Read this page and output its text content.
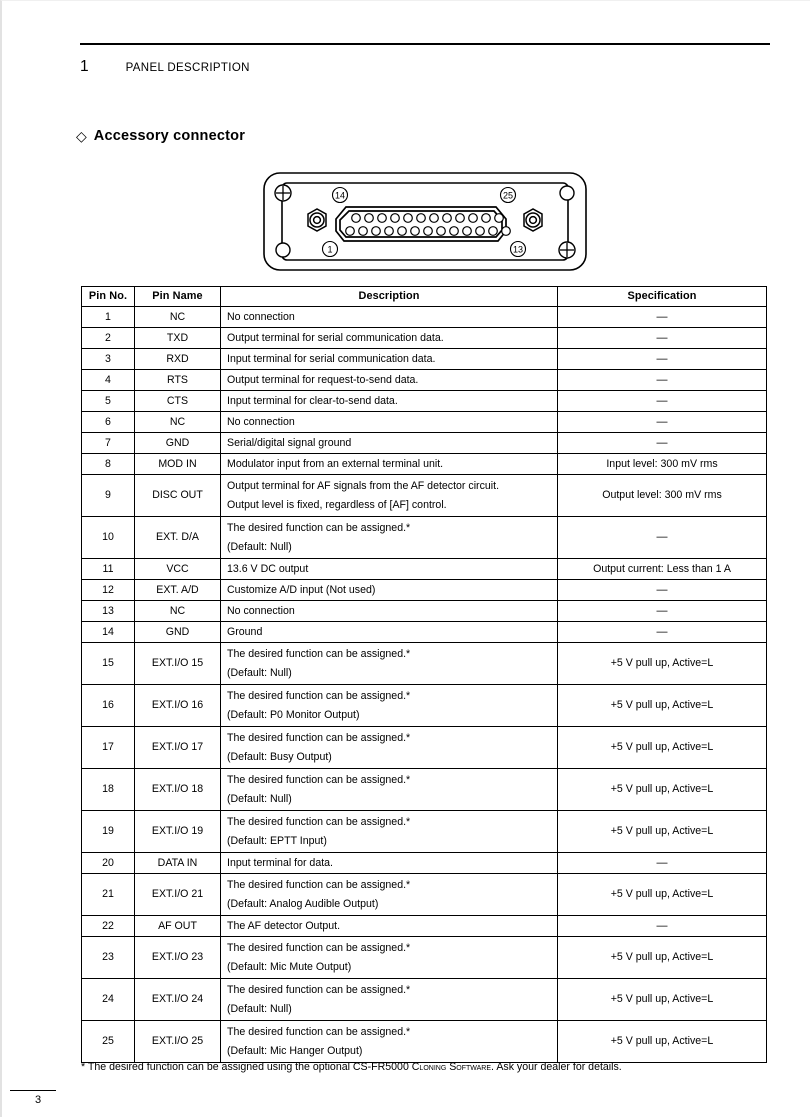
1	PANEL DESCRIPTION
◇ Accessory connector
14	25
1	13
Pin No.	Pin Name	Description	Specification
1	NC	No connection	—
2	TXD	Output terminal for serial communication data.	—
3	RXD	Input terminal for serial communication data.	—
4	RTS	Output terminal for request-to-send data.	—
5	CTS	Input terminal for clear-to-send data.	—
6	NC	No connection	—
7	GND	Serial/digital signal ground	—
8	MOD IN	Modulator input from an external terminal unit.	Input level: 300 mV rms
9	DISC OUT	Output terminal for AF signals from the AF detector circuit.
Output level is fixed, regardless of [AF] control.	Output level: 300 mV rms
10	EXT. D/A	The desired function can be assigned.*
(Default: Null)	—
11	VCC	13.6 V DC output	Output current: Less than 1 A
12	EXT. A/D	Customize A/D input (Not used)	—
13	NC	No connection	—
14	GND	Ground	—
15	EXT.I/O 15	The desired function can be assigned.*
(Default: Null)	+5 V pull up, Active=L
16	EXT.I/O 16	The desired function can be assigned.*
(Default: P0 Monitor Output)	+5 V pull up, Active=L
17	EXT.I/O 17	The desired function can be assigned.*
(Default: Busy Output)	+5 V pull up, Active=L
18	EXT.I/O 18	The desired function can be assigned.*
(Default: Null)	+5 V pull up, Active=L
19	EXT.I/O 19	The desired function can be assigned.*
(Default: EPTT Input)	+5 V pull up, Active=L
20	DATA IN	Input terminal for data.	—
21	EXT.I/O 21	The desired function can be assigned.*
(Default: Analog Audible Output)	+5 V pull up, Active=L
22	AF OUT	The AF detector Output.	—
23	EXT.I/O 23	The desired function can be assigned.*
(Default: Mic Mute Output)	+5 V pull up, Active=L
24	EXT.I/O 24	The desired function can be assigned.*
(Default: Null)	+5 V pull up, Active=L
25	EXT.I/O 25	The desired function can be assigned.*
(Default: Mic Hanger Output)	+5 V pull up, Active=L
* The desired function can be assigned using the optional CS-FR5000 Cloning Software. Ask your dealer for details.
3
